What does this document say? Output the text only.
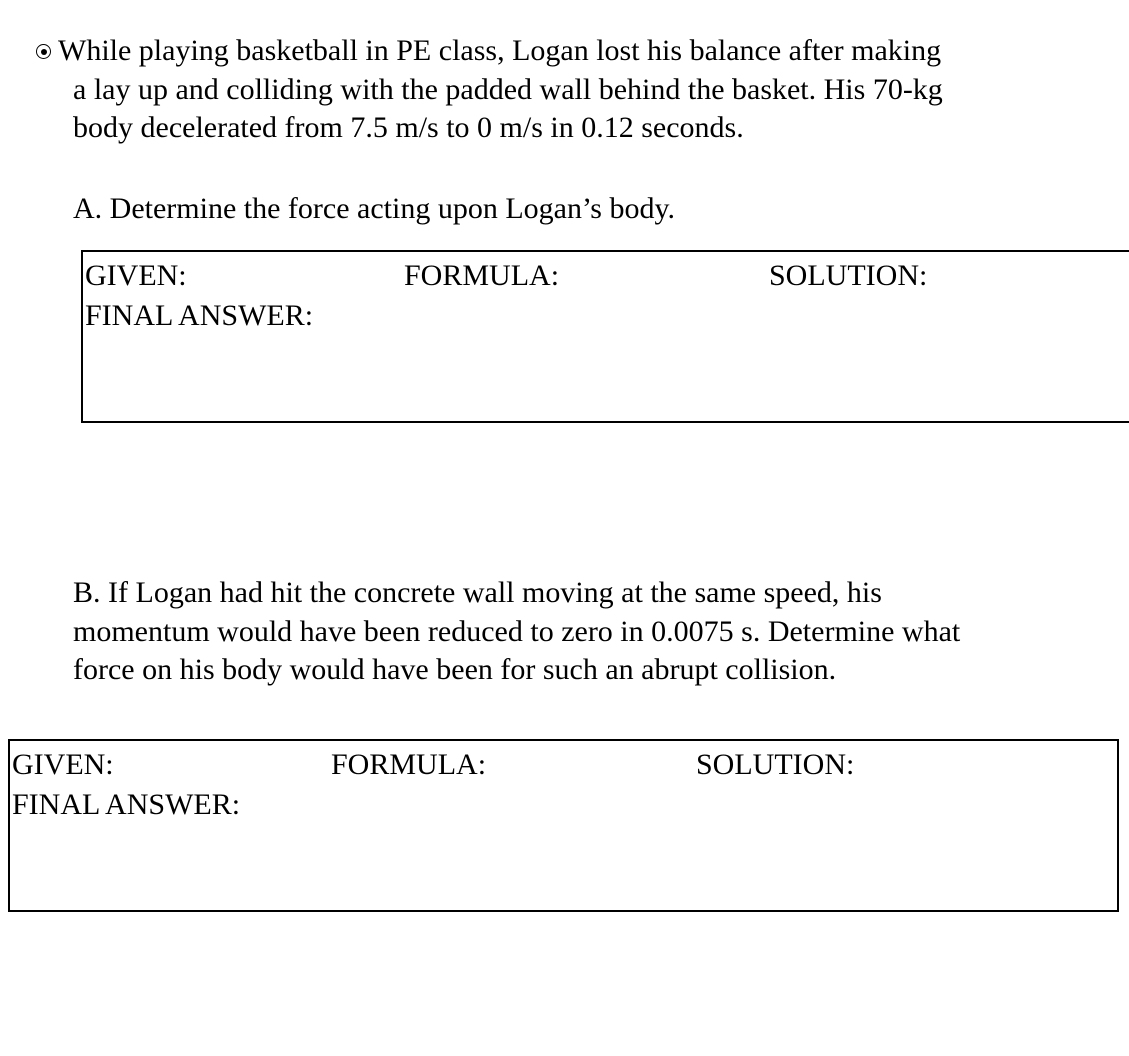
While playing basketball in PE class, Logan lost his balance after making
a lay up and colliding with the padded wall behind the basket. His 70-kg
body decelerated from 7.5 m/s to 0 m/s in 0.12 seconds.
A. Determine the force acting upon Logan’s body.
GIVEN:	FORMULA:	SOLUTION:
FINAL ANSWER:
B. If Logan had hit the concrete wall moving at the same speed, his
momentum would have been reduced to zero in 0.0075 s. Determine what
force on his body would have been for such an abrupt collision.
GIVEN:	FORMULA:	SOLUTION:
FINAL ANSWER:
